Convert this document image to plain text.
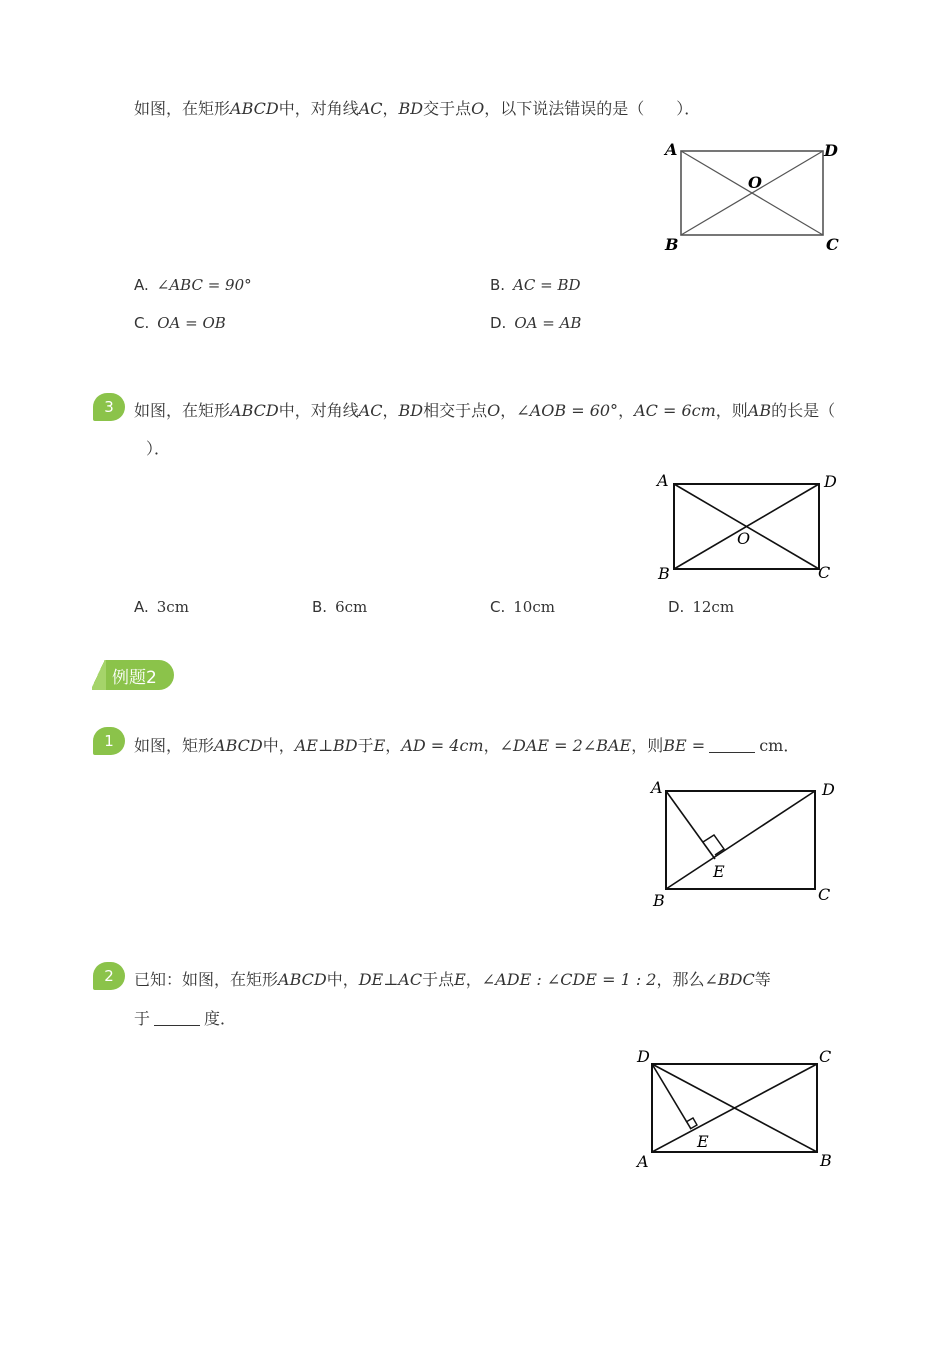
如图，在矩形ABCD中，对角线AC，BD交于点O，以下说法错误的是（　　）．
A	D
O
B	C
A. ∠ABC = 90°	B. AC = BD
C. OA = OB	D. OA = AB
3	如图，在矩形ABCD中，对角线AC，BD相交于点O，∠AOB = 60°，AC = 6cm，则AB的长是（
）．
A	D
O
B	C
A. 3cm	B. 6cm	C. 10cm	D. 12cm
例题2
1	如图，矩形ABCD中，AE⊥BD于E，AD = 4cm，∠DAE = 2∠BAE，则BE =	cm．
A	D
E
B	C
2	已知：如图，在矩形ABCD中，DE⊥AC于点E，∠ADE : ∠CDE = 1 : 2，那么∠BDC等
于	度．
D	C
E
A	B
